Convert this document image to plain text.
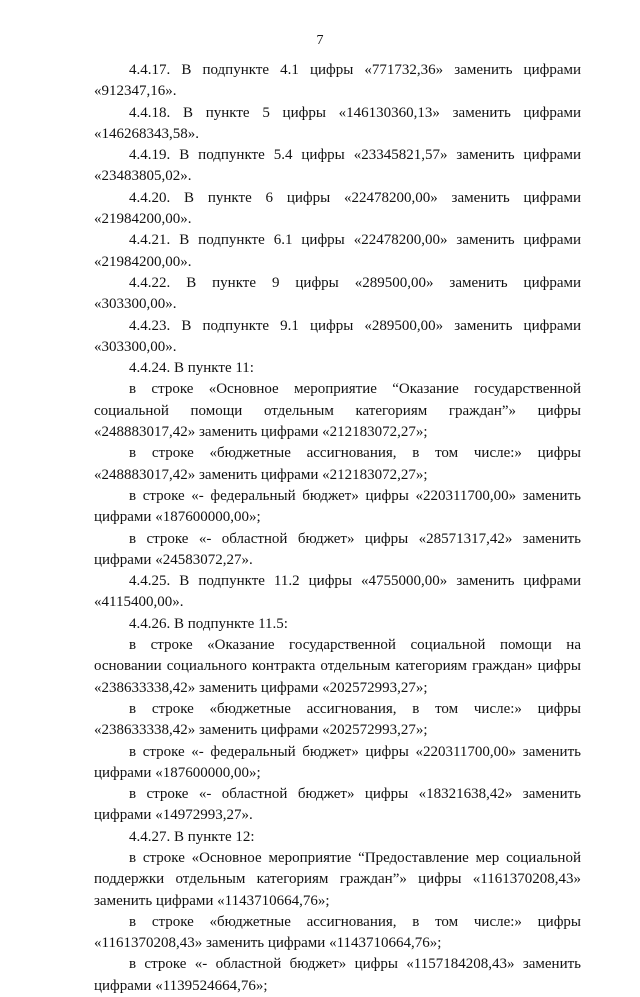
7

4.4.17. В подпункте 4.1 цифры «771732,36» заменить цифрами «912347,16».

4.4.18. В пункте 5 цифры «146130360,13» заменить цифрами «146268343,58».

4.4.19. В подпункте 5.4 цифры «23345821,57» заменить цифрами «23483805,02».

4.4.20. В пункте 6 цифры «22478200,00» заменить цифрами «21984200,00».

4.4.21. В подпункте 6.1 цифры «22478200,00» заменить цифрами «21984200,00».

4.4.22. В пункте 9 цифры «289500,00» заменить цифрами «303300,00».

4.4.23. В подпункте 9.1 цифры «289500,00» заменить цифрами «303300,00».

4.4.24. В пункте 11:

в строке «Основное мероприятие “Оказание государственной социальной помощи отдельным категориям граждан”» цифры «248883017,42» заменить цифрами «212183072,27»;

в строке «бюджетные ассигнования, в том числе:» цифры «248883017,42» заменить цифрами «212183072,27»;

в строке «- федеральный бюджет» цифры «220311700,00» заменить цифрами «187600000,00»;

в строке «- областной бюджет» цифры «28571317,42» заменить цифрами «24583072,27».

4.4.25. В подпункте 11.2 цифры «4755000,00» заменить цифрами «4115400,00».

4.4.26. В подпункте 11.5:

в строке «Оказание государственной социальной помощи на основании социального контракта отдельным категориям граждан» цифры «238633338,42» заменить цифрами «202572993,27»;

в строке «бюджетные ассигнования, в том числе:» цифры «238633338,42» заменить цифрами «202572993,27»;

в строке «- федеральный бюджет» цифры «220311700,00» заменить цифрами «187600000,00»;

в строке «- областной бюджет» цифры «18321638,42» заменить цифрами «14972993,27».

4.4.27. В пункте 12:

в строке «Основное мероприятие “Предоставление мер социальной поддержки отдельным категориям граждан”» цифры «1161370208,43» заменить цифрами «1143710664,76»;

в строке «бюджетные ассигнования, в том числе:» цифры «1161370208,43» заменить цифрами «1143710664,76»;

в строке «- областной бюджет» цифры «1157184208,43» заменить цифрами «1139524664,76»;
